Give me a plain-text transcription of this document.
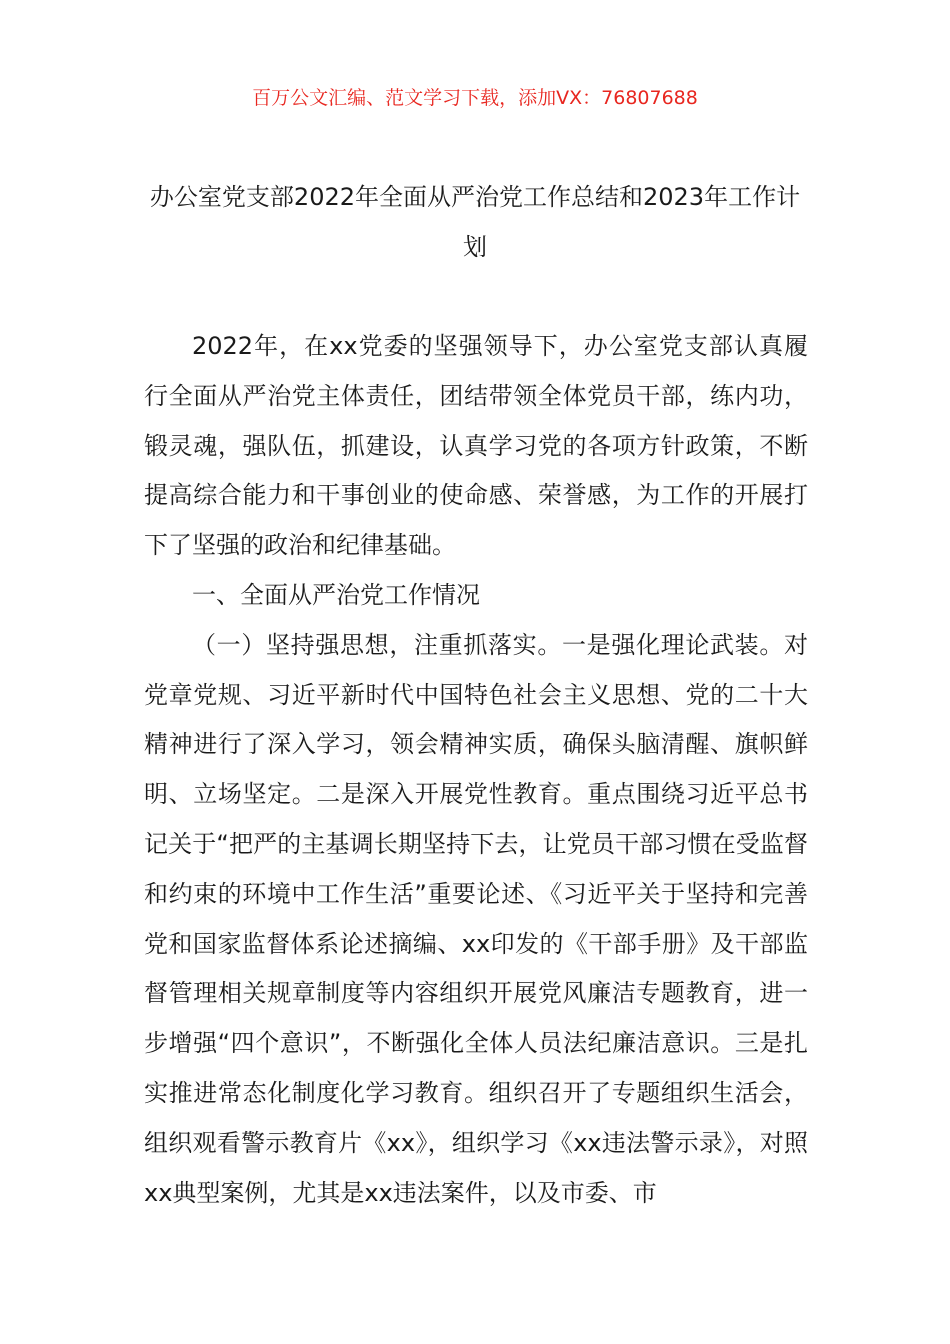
百万公文汇编、范文学习下载，添加VX：76807688
办公室党支部2022年全面从严治党工作总结和2023年工作计划

2022年，在xx党委的坚强领导下，办公室党支部认真履行全面从严治党主体责任，团结带领全体党员干部，练内功，锻灵魂，强队伍，抓建设，认真学习党的各项方针政策，不断提高综合能力和干事创业的使命感、荣誉感，为工作的开展打下了坚强的政治和纪律基础。

一、全面从严治党工作情况

（一）坚持强思想，注重抓落实。一是强化理论武装。对党章党规、习近平新时代中国特色社会主义思想、党的二十大精神进行了深入学习，领会精神实质，确保头脑清醒、旗帜鲜明、立场坚定。二是深入开展党性教育。重点围绕习近平总书记关于“把严的主基调长期坚持下去，让党员干部习惯在受监督和约束的环境中工作生活”重要论述、《习近平关于坚持和完善党和国家监督体系论述摘编、xx印发的《干部手册》及干部监督管理相关规章制度等内容组织开展党风廉洁专题教育，进一步增强“四个意识”，不断强化全体人员法纪廉洁意识。三是扎实推进常态化制度化学习教育。组织召开了专题组织生活会，组织观看警示教育片《xx》，组织学习《xx违法警示录》，对照xx典型案例，尤其是xx违法案件，以及市委、市
